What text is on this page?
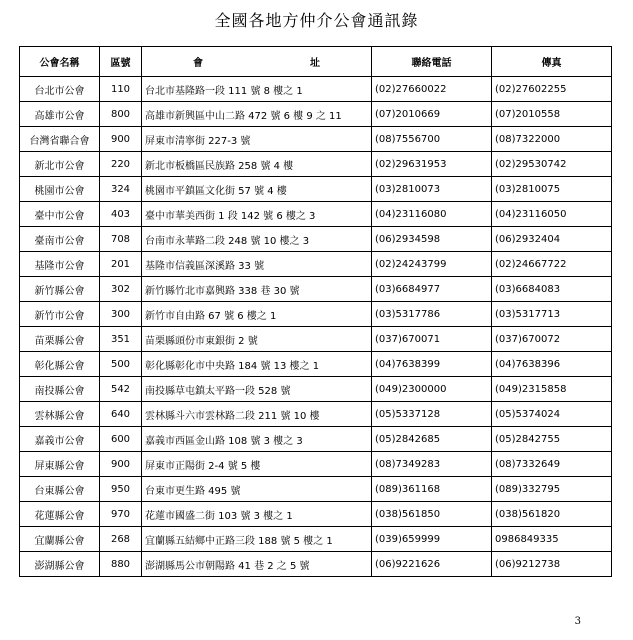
全國各地方仲介公會通訊錄
公會名稱	區號	會 址	聯絡電話	傳真
台北市公會	110	台北市基隆路一段 111 號 8 樓之 1	(02)27660022	(02)27602255
高雄市公會	800	高雄市新興區中山二路 472 號 6 樓 9 之 11	(07)2010669	(07)2010558
台灣省聯合會	900	屏東市清寧街 227-3 號	(08)7556700	(08)7322000
新北市公會	220	新北市板橋區民族路 258 號 4 樓	(02)29631953	(02)29530742
桃園市公會	324	桃園市平鎮區文化街 57 號 4 樓	(03)2810073	(03)2810075
臺中市公會	403	臺中市華美西街 1 段 142 號 6 樓之 3	(04)23116080	(04)23116050
臺南市公會	708	台南市永華路二段 248 號 10 樓之 3	(06)2934598	(06)2932404
基隆市公會	201	基隆市信義區深溪路 33 號	(02)24243799	(02)24667722
新竹縣公會	302	新竹縣竹北市嘉興路 338 巷 30 號	(03)6684977	(03)6684083
新竹市公會	300	新竹市自由路 67 號 6 樓之 1	(03)5317786	(03)5317713
苗栗縣公會	351	苗栗縣頭份市東銀街 2 號	(037)670071	(037)670072
彰化縣公會	500	彰化縣彰化市中央路 184 號 13 樓之 1	(04)7638399	(04)7638396
南投縣公會	542	南投縣草屯鎮太平路一段 528 號	(049)2300000	(049)2315858
雲林縣公會	640	雲林縣斗六市雲林路二段 211 號 10 樓	(05)5337128	(05)5374024
嘉義市公會	600	嘉義市西區金山路 108 號 3 樓之 3	(05)2842685	(05)2842755
屏東縣公會	900	屏東市正陽街 2-4 號 5 樓	(08)7349283	(08)7332649
台東縣公會	950	台東市更生路 495 號	(089)361168	(089)332795
花蓮縣公會	970	花蓮市國盛二街 103 號 3 樓之 1	(038)561850	(038)561820
宜蘭縣公會	268	宜蘭縣五結鄉中正路三段 188 號 5 樓之 1	(039)659999	0986849335
澎湖縣公會	880	澎湖縣馬公市朝陽路 41 巷 2 之 5 號	(06)9221626	(06)9212738
3
